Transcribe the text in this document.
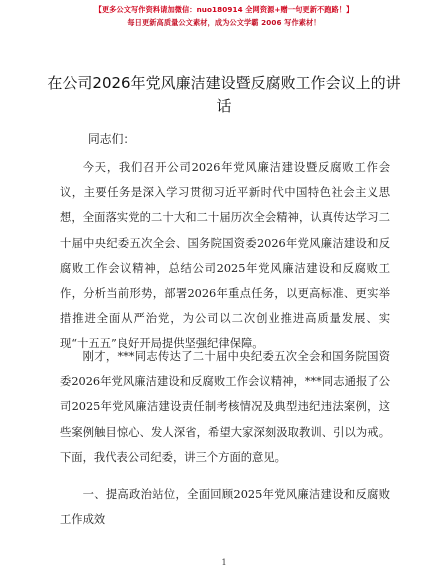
【更多公文写作资料请加微信：nuo180914 全网资源+赠一句更新不跑路！】
每日更新高质量公文素材，成为公文学霸 2006 写作素材！
在公司2026年党风廉洁建设暨反腐败工作会议上的讲话
同志们：

今天，我们召开公司2026年党风廉洁建设暨反腐败工作会议，主要任务是深入学习贯彻习近平新时代中国特色社会主义思想，全面落实党的二十大和二十届历次全会精神，认真传达学习二十届中央纪委五次全会、国务院国资委2026年党风廉洁建设和反腐败工作会议精神，总结公司2025年党风廉洁建设和反腐败工作，分析当前形势，部署2026年重点任务，以更高标准、更实举措推进全面从严治党，为公司以二次创业推进高质量发展、实现“十五五”良好开局提供坚强纪律保障。

刚才，***同志传达了二十届中央纪委五次全会和国务院国资委2026年党风廉洁建设和反腐败工作会议精神，***同志通报了公司2025年党风廉洁建设责任制考核情况及典型违纪违法案例，这些案例触目惊心、发人深省，希望大家深刻汲取教训、引以为戒。下面，我代表公司纪委，讲三个方面的意见。

一、提高政治站位，全面回顾2025年党风廉洁建设和反腐败工作成效

1
